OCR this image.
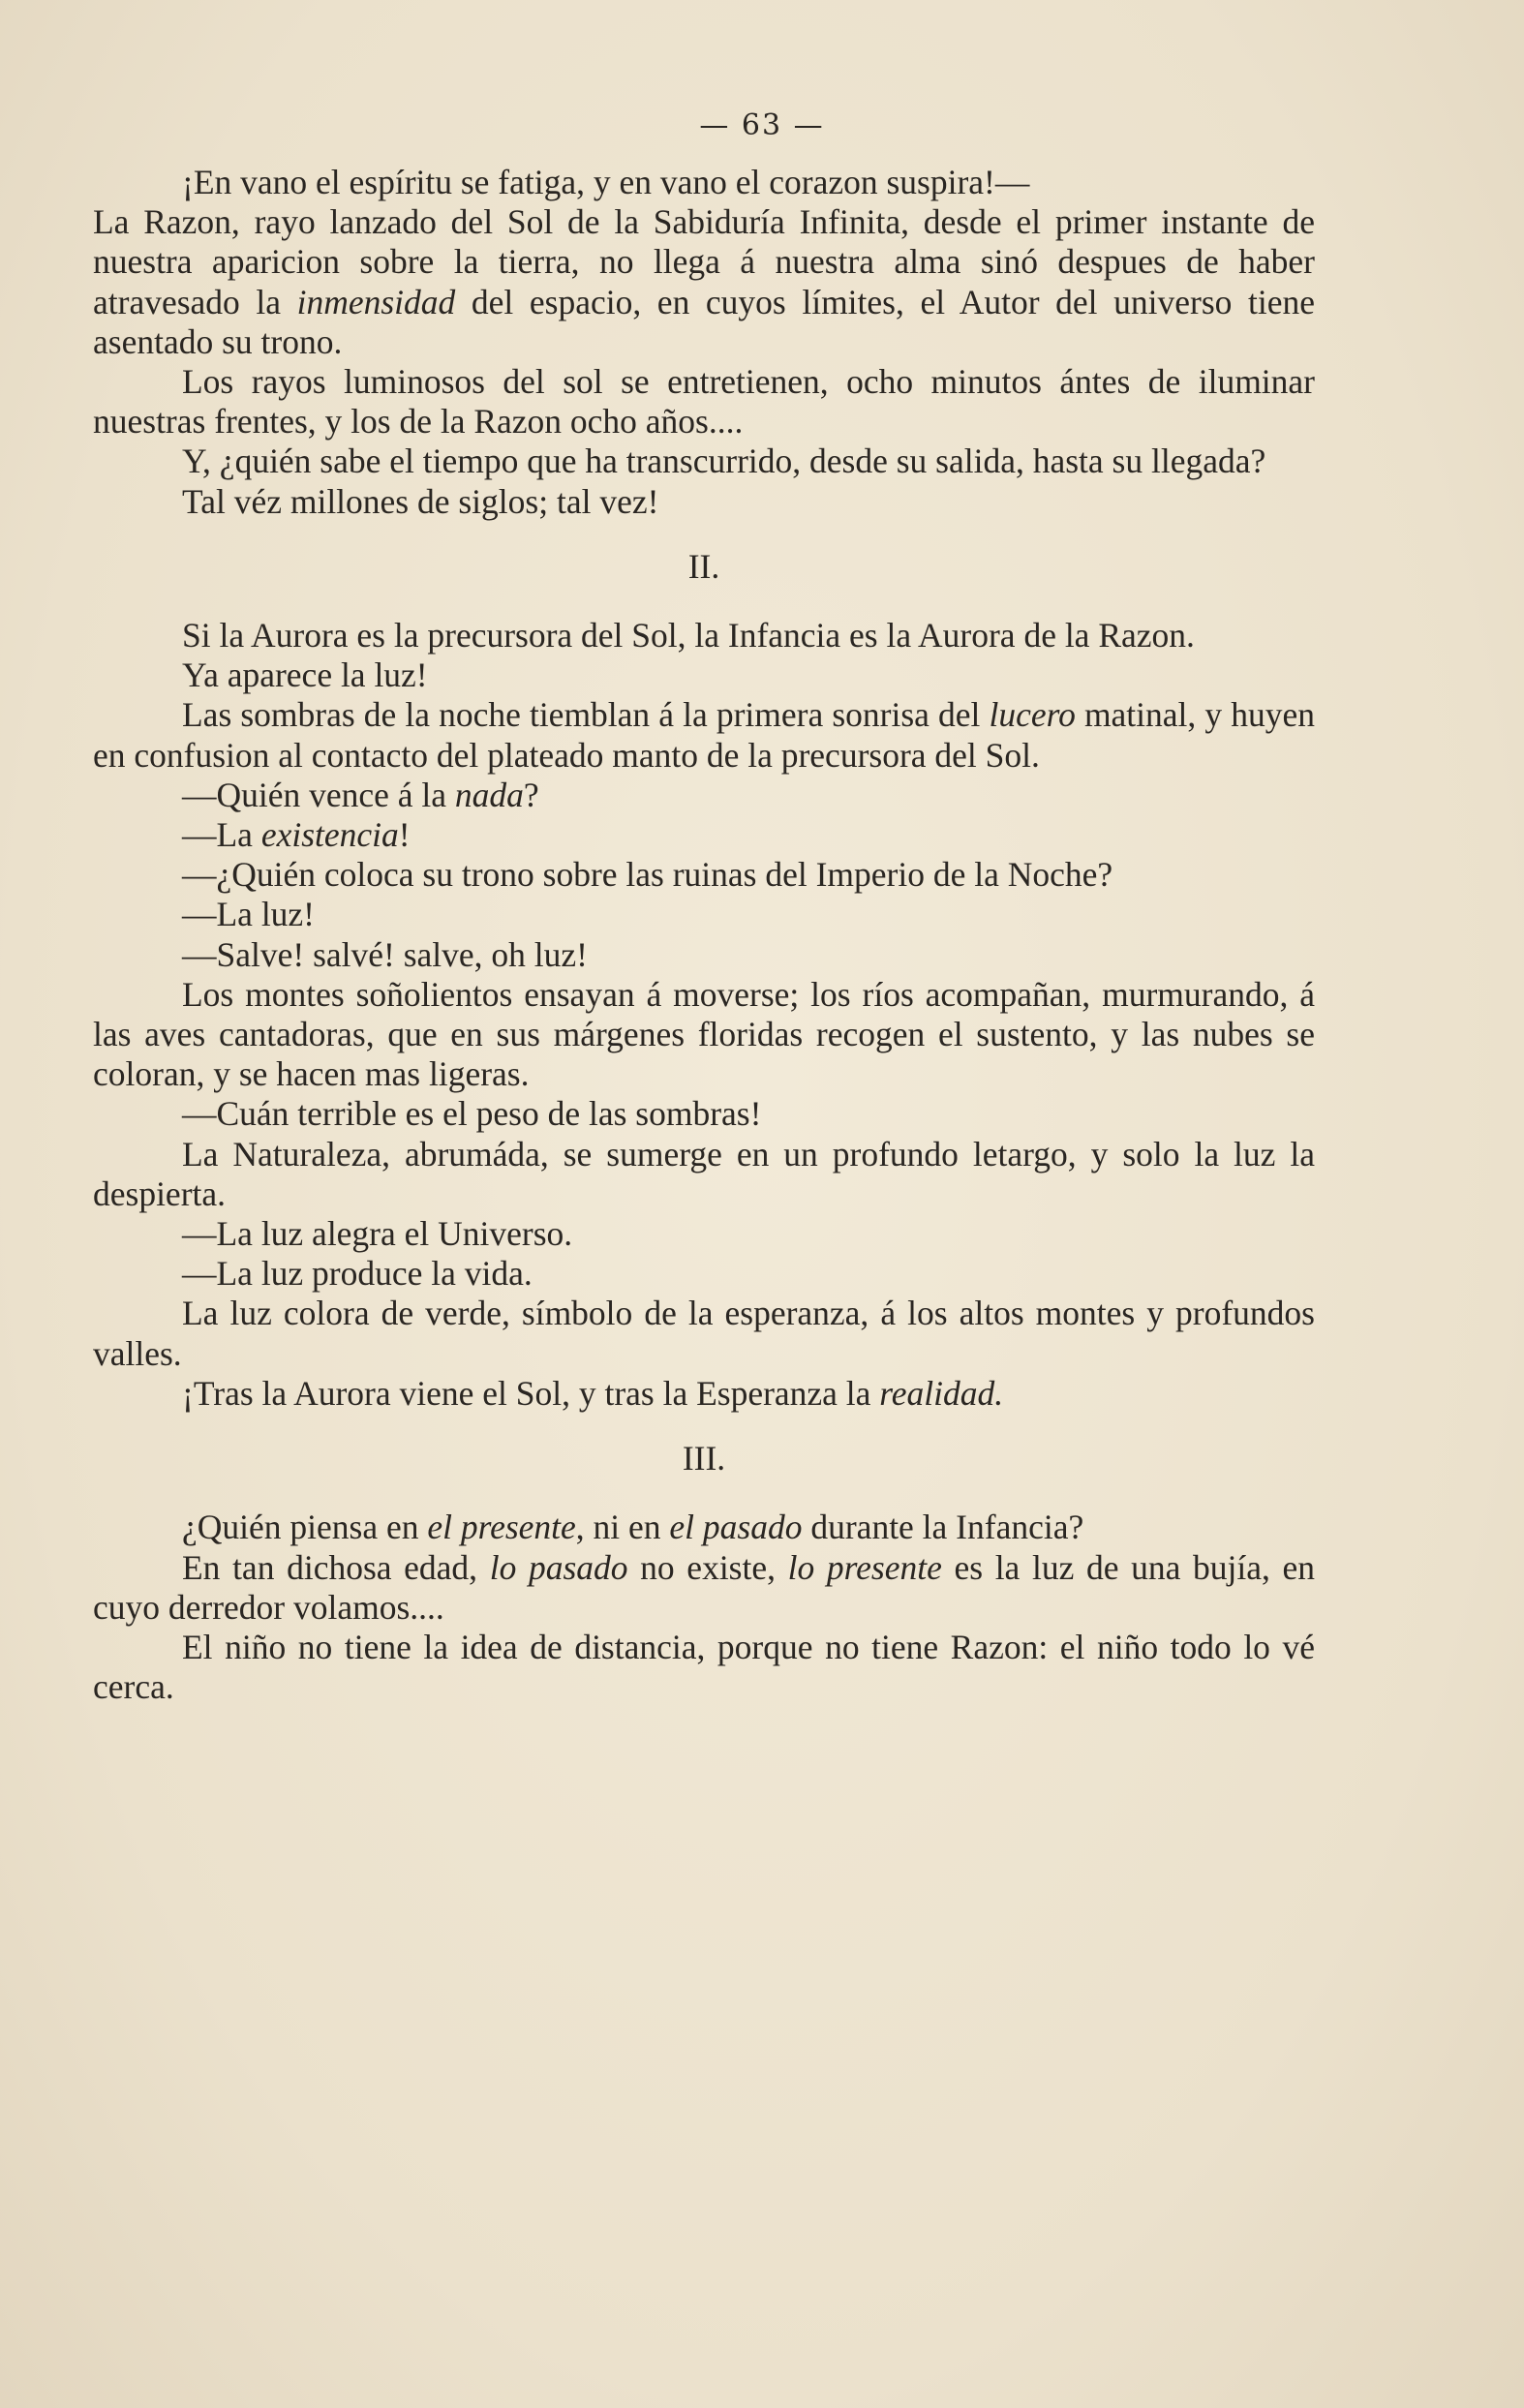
— 63 —

¡En vano el espíritu se fatiga, y en vano el corazon suspira!—

La Razon, rayo lanzado del Sol de la Sabiduría Infinita, desde el primer instante de nuestra aparicion sobre la tierra, no llega á nuestra alma sinó despues de haber atravesado la inmensidad del espacio, en cuyos límites, el Autor del universo tiene asentado su trono.

Los rayos luminosos del sol se entretienen, ocho minutos ántes de iluminar nuestras frentes, y los de la Razon ocho años....

Y, ¿quién sabe el tiempo que ha transcurrido, desde su salida, hasta su llegada?

Tal véz millones de siglos; tal vez!

II.

Si la Aurora es la precursora del Sol, la Infancia es la Aurora de la Razon.

Ya aparece la luz!

Las sombras de la noche tiemblan á la primera sonrisa del lucero matinal, y huyen en confusion al contacto del plateado manto de la precursora del Sol.

—Quién vence á la nada?

—La existencia!

—¿Quién coloca su trono sobre las ruinas del Imperio de la Noche?

—La luz!

—Salve! salvé! salve, oh luz!

Los montes soñolientos ensayan á moverse; los ríos acompañan, murmurando, á las aves cantadoras, que en sus márgenes floridas recogen el sustento, y las nubes se coloran, y se hacen mas ligeras.

—Cuán terrible es el peso de las sombras!

La Naturaleza, abrumáda, se sumerge en un profundo letargo, y solo la luz la despierta.

—La luz alegra el Universo.

—La luz produce la vida.

La luz colora de verde, símbolo de la esperanza, á los altos montes y profundos valles.

¡Tras la Aurora viene el Sol, y tras la Esperanza la realidad.

III.

¿Quién piensa en el presente, ni en el pasado durante la Infancia?

En tan dichosa edad, lo pasado no existe, lo presente es la luz de una bujía, en cuyo derredor volamos....

El niño no tiene la idea de distancia, porque no tiene Razon: el niño todo lo vé cerca.
